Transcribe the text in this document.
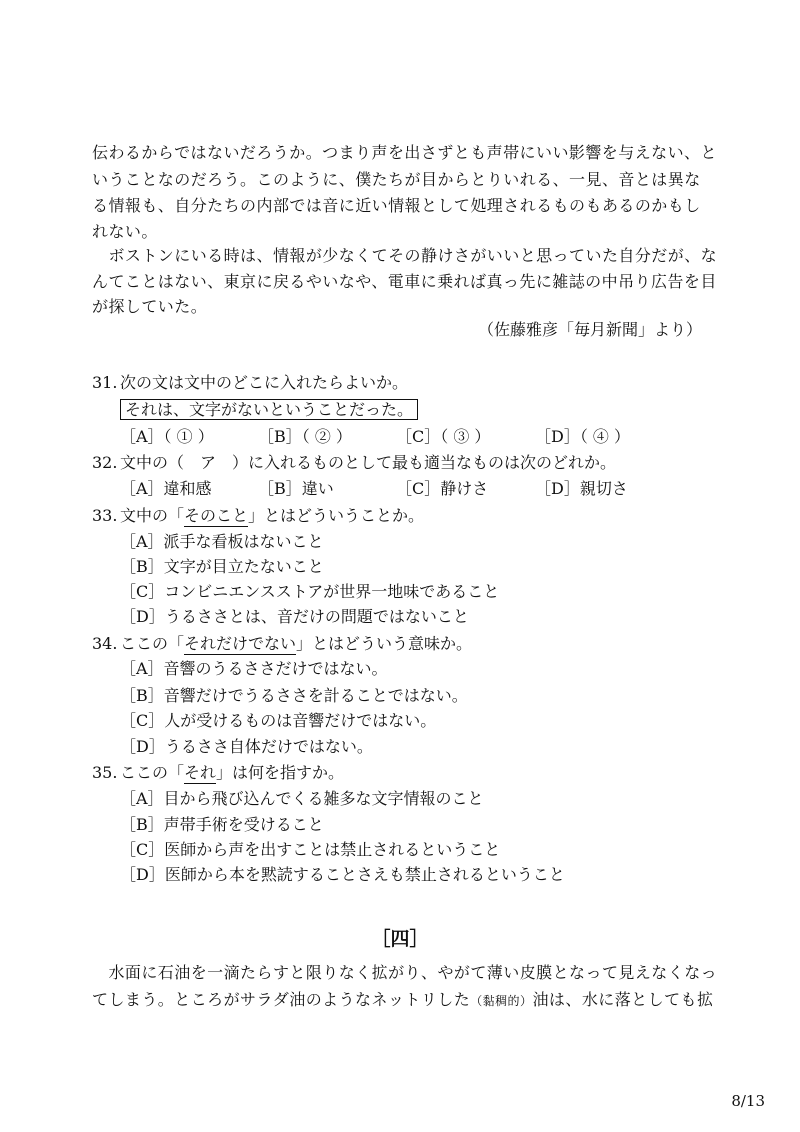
伝わるからではないだろうか。つまり声を出さずとも声帯にいい影響を与えない、と
いうことなのだろう。このように、僕たちが目からとりいれる、一見、音とは異な
る情報も、自分たちの内部では音に近い情報として処理されるものもあるのかもし
れない。
　ボストンにいる時は、情報が少なくてその静けさがいいと思っていた自分だが、な
んてことはない、東京に戻るやいなや、電車に乗れば真っ先に雑誌の中吊り広告を目
が探していた。
（佐藤雅彦「毎月新聞」より）
31. 次の文は文中のどこに入れたらよいか。
それは、文字がないということだった。
［A］（ ① ）	［B］（ ② ）	［C］（ ③ ）	［D］（ ④ ）
32. 文中の（　ア　）に入れるものとして最も適当なものは次のどれか。
［A］違和感	［B］違い	［C］静けさ	［D］親切さ
33. 文中の「そのこと」とはどういうことか。
［A］派手な看板はないこと
［B］文字が目立たないこと
［C］コンビニエンスストアが世界一地味であること
［D］うるささとは、音だけの問題ではないこと
34. ここの「それだけでない」とはどういう意味か。
［A］音響のうるささだけではない。
［B］音響だけでうるささを計ることではない。
［C］人が受けるものは音響だけではない。
［D］うるささ自体だけではない。
35. ここの「それ」は何を指すか。
［A］目から飛び込んでくる雑多な文字情報のこと
［B］声帯手術を受けること
［C］医師から声を出すことは禁止されるということ
［D］医師から本を黙読することさえも禁止されるということ
［四］
　水面に石油を一滴たらすと限りなく拡がり、やがて薄い皮膜となって見えなくなっ
てしまう。ところがサラダ油のようなネットリした（黏稠的）油は、水に落としても拡
8/13
